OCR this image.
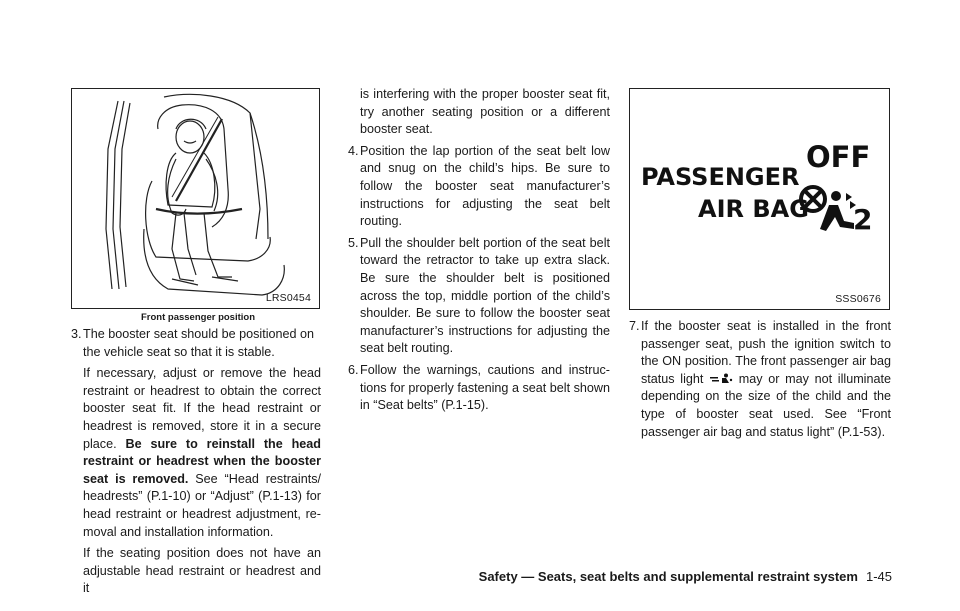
LRS0454
Front passenger position
PASSENGER
AIR BAG
OFF
2
SSS0676

3.The booster seat should be positioned on the vehicle seat so that it is stable.

If necessary, adjust or remove the head restraint or headrest to obtain the correct booster seat fit. If the head restraint or headrest is removed, store it in a secure place. Be sure to reinstall the head restraint or headrest when the booster seat is removed. See “Head restraints/ headrests” (P.1-10) or “Adjust” (P.1-13) for head restraint or headrest adjustment, re- moval and installation information.

If the seating position does not have an adjustable head restraint or headrest and it

is interfering with the proper booster seat fit, try another seating position or a different booster seat.

4.Position the lap portion of the seat belt low and snug on the child’s hips. Be sure to follow the booster seat manufacturer’s instructions for adjusting the seat belt routing.

5.Pull the shoulder belt portion of the seat belt toward the retractor to take up extra slack. Be sure the shoulder belt is positioned across the top, middle portion of the child’s shoulder. Be sure to follow the booster seat manufacturer’s instructions for adjusting the seat belt routing.

6.Follow the warnings, cautions and instruc- tions for properly fastening a seat belt shown in “Seat belts” (P.1-15).

7.If the booster seat is installed in the front passenger seat, push the ignition switch to the ON position. The front passenger air bag status light  may or may not illuminate depending on the size of the child and the type of booster seat used. See “Front passenger air bag and status light” (P.1-53).

Safety — Seats, seat belts and supplemental restraint system 1-45
